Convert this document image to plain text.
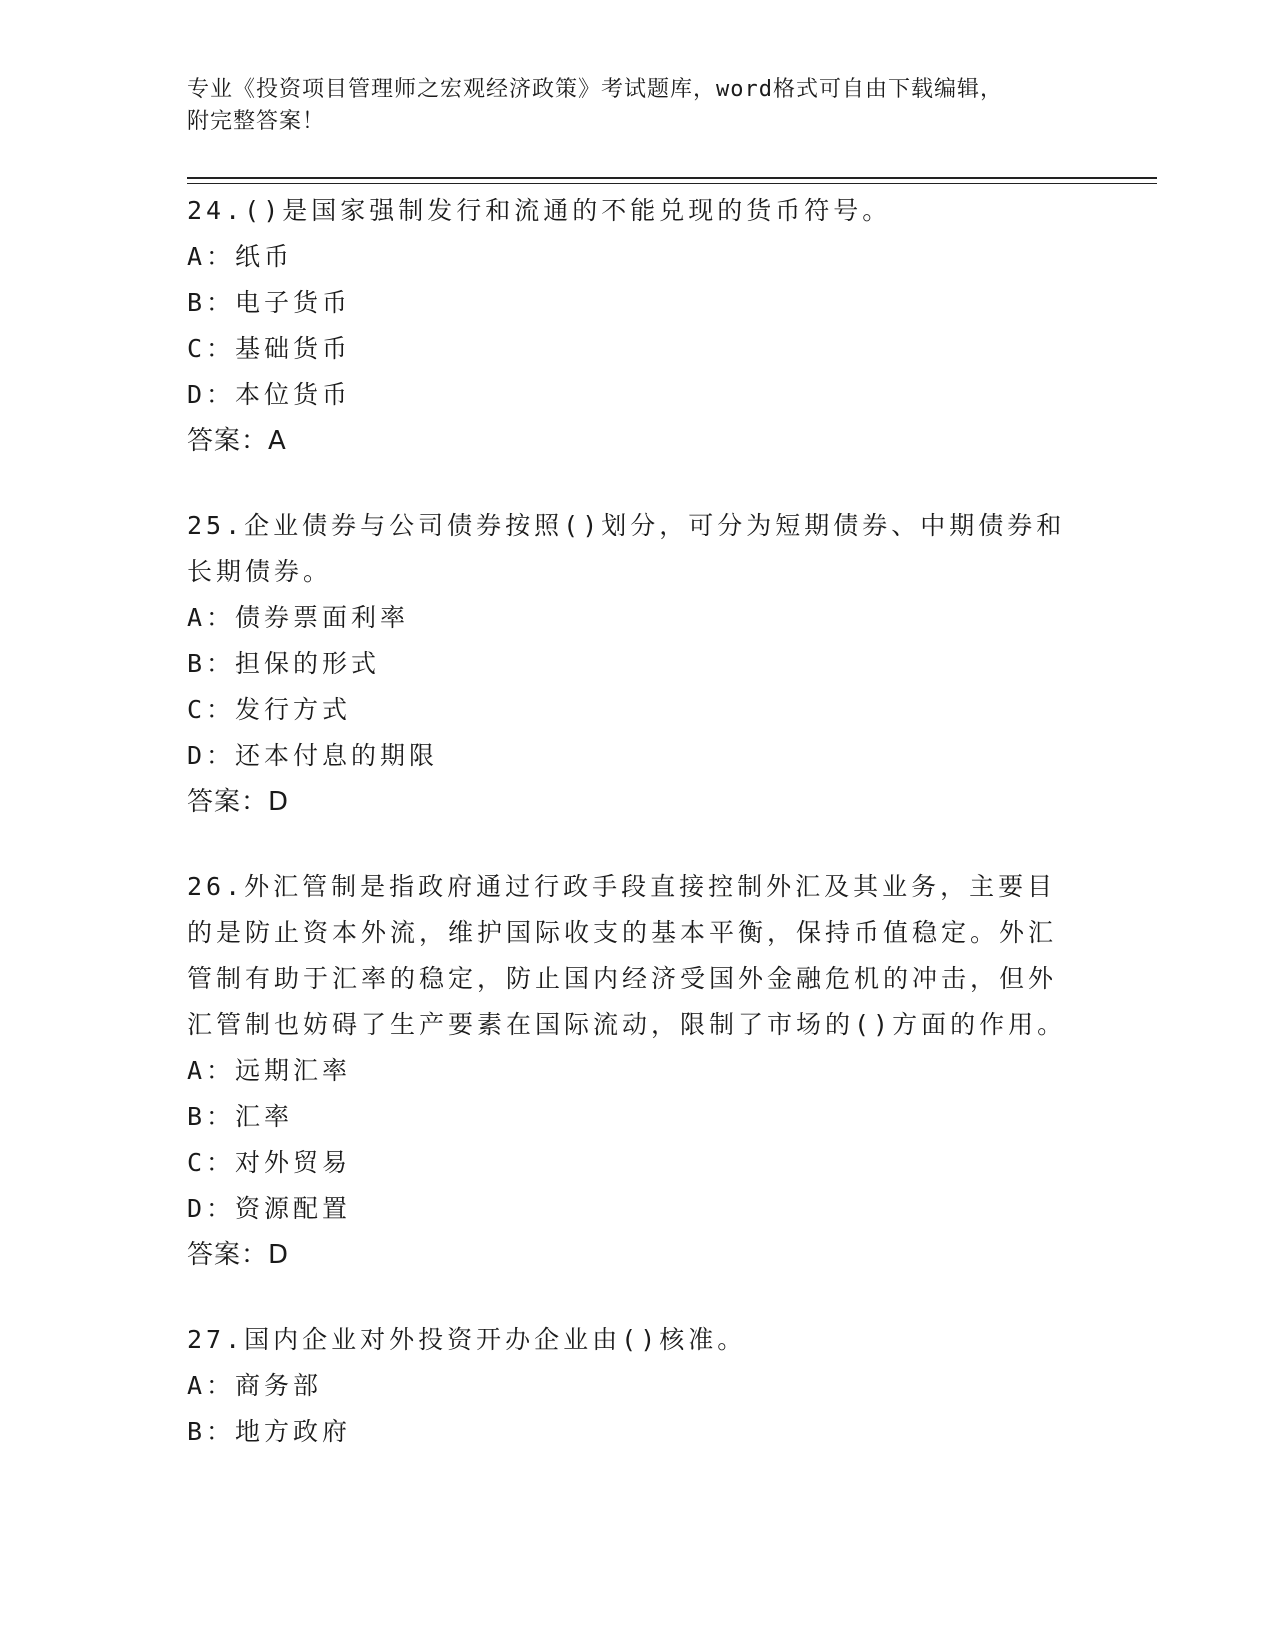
专业《投资项目管理师之宏观经济政策》考试题库，word格式可自由下载编辑，
附完整答案！
24.()是国家强制发行和流通的不能兑现的货币符号。
A：纸币
B：电子货币
C：基础货币
D：本位货币
答案：A
25.企业债券与公司债券按照()划分，可分为短期债券、中期债券和长期债券。
A：债券票面利率
B：担保的形式
C：发行方式
D：还本付息的期限
答案：D
26.外汇管制是指政府通过行政手段直接控制外汇及其业务，主要目的是防止资本外流，维护国际收支的基本平衡，保持币值稳定。外汇管制有助于汇率的稳定，防止国内经济受国外金融危机的冲击，但外汇管制也妨碍了生产要素在国际流动，限制了市场的()方面的作用。
A：远期汇率
B：汇率
C：对外贸易
D：资源配置
答案：D
27.国内企业对外投资开办企业由()核准。
A：商务部
B：地方政府
